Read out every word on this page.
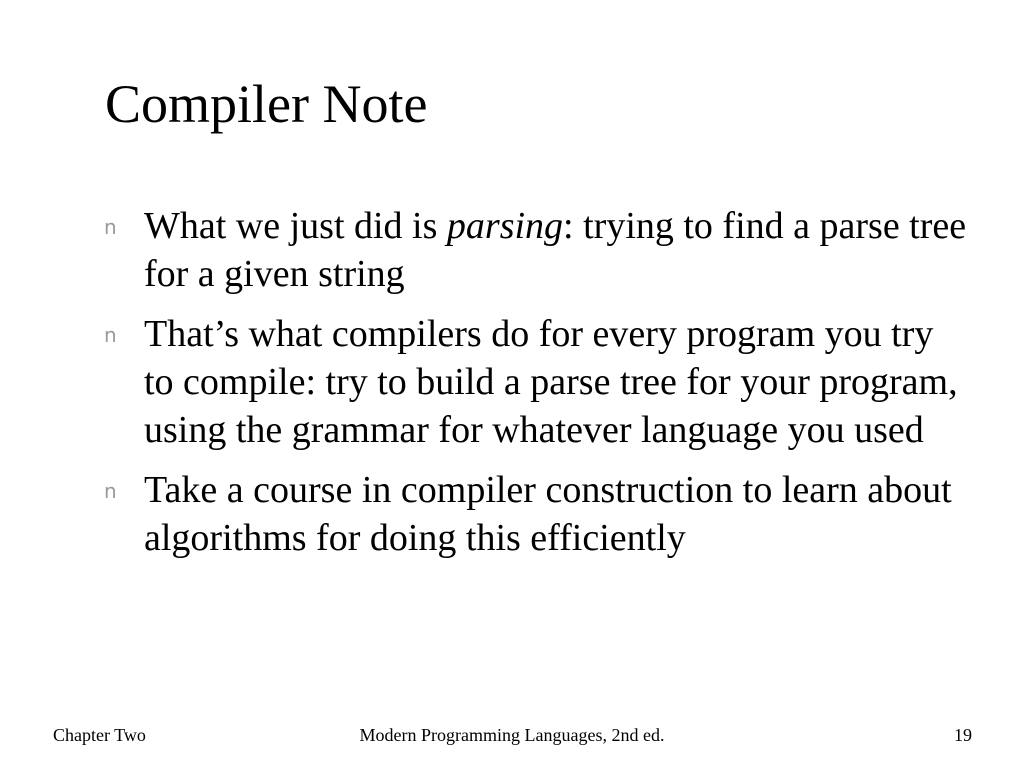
Compiler Note
n What we just did is parsing: trying to find a parse tree for a given string
n That’s what compilers do for every program you try to compile: try to build a parse tree for your program, using the grammar for whatever language you used
n Take a course in compiler construction to learn about algorithms for doing this efficiently
Chapter Two	Modern Programming Languages, 2nd ed.	19
